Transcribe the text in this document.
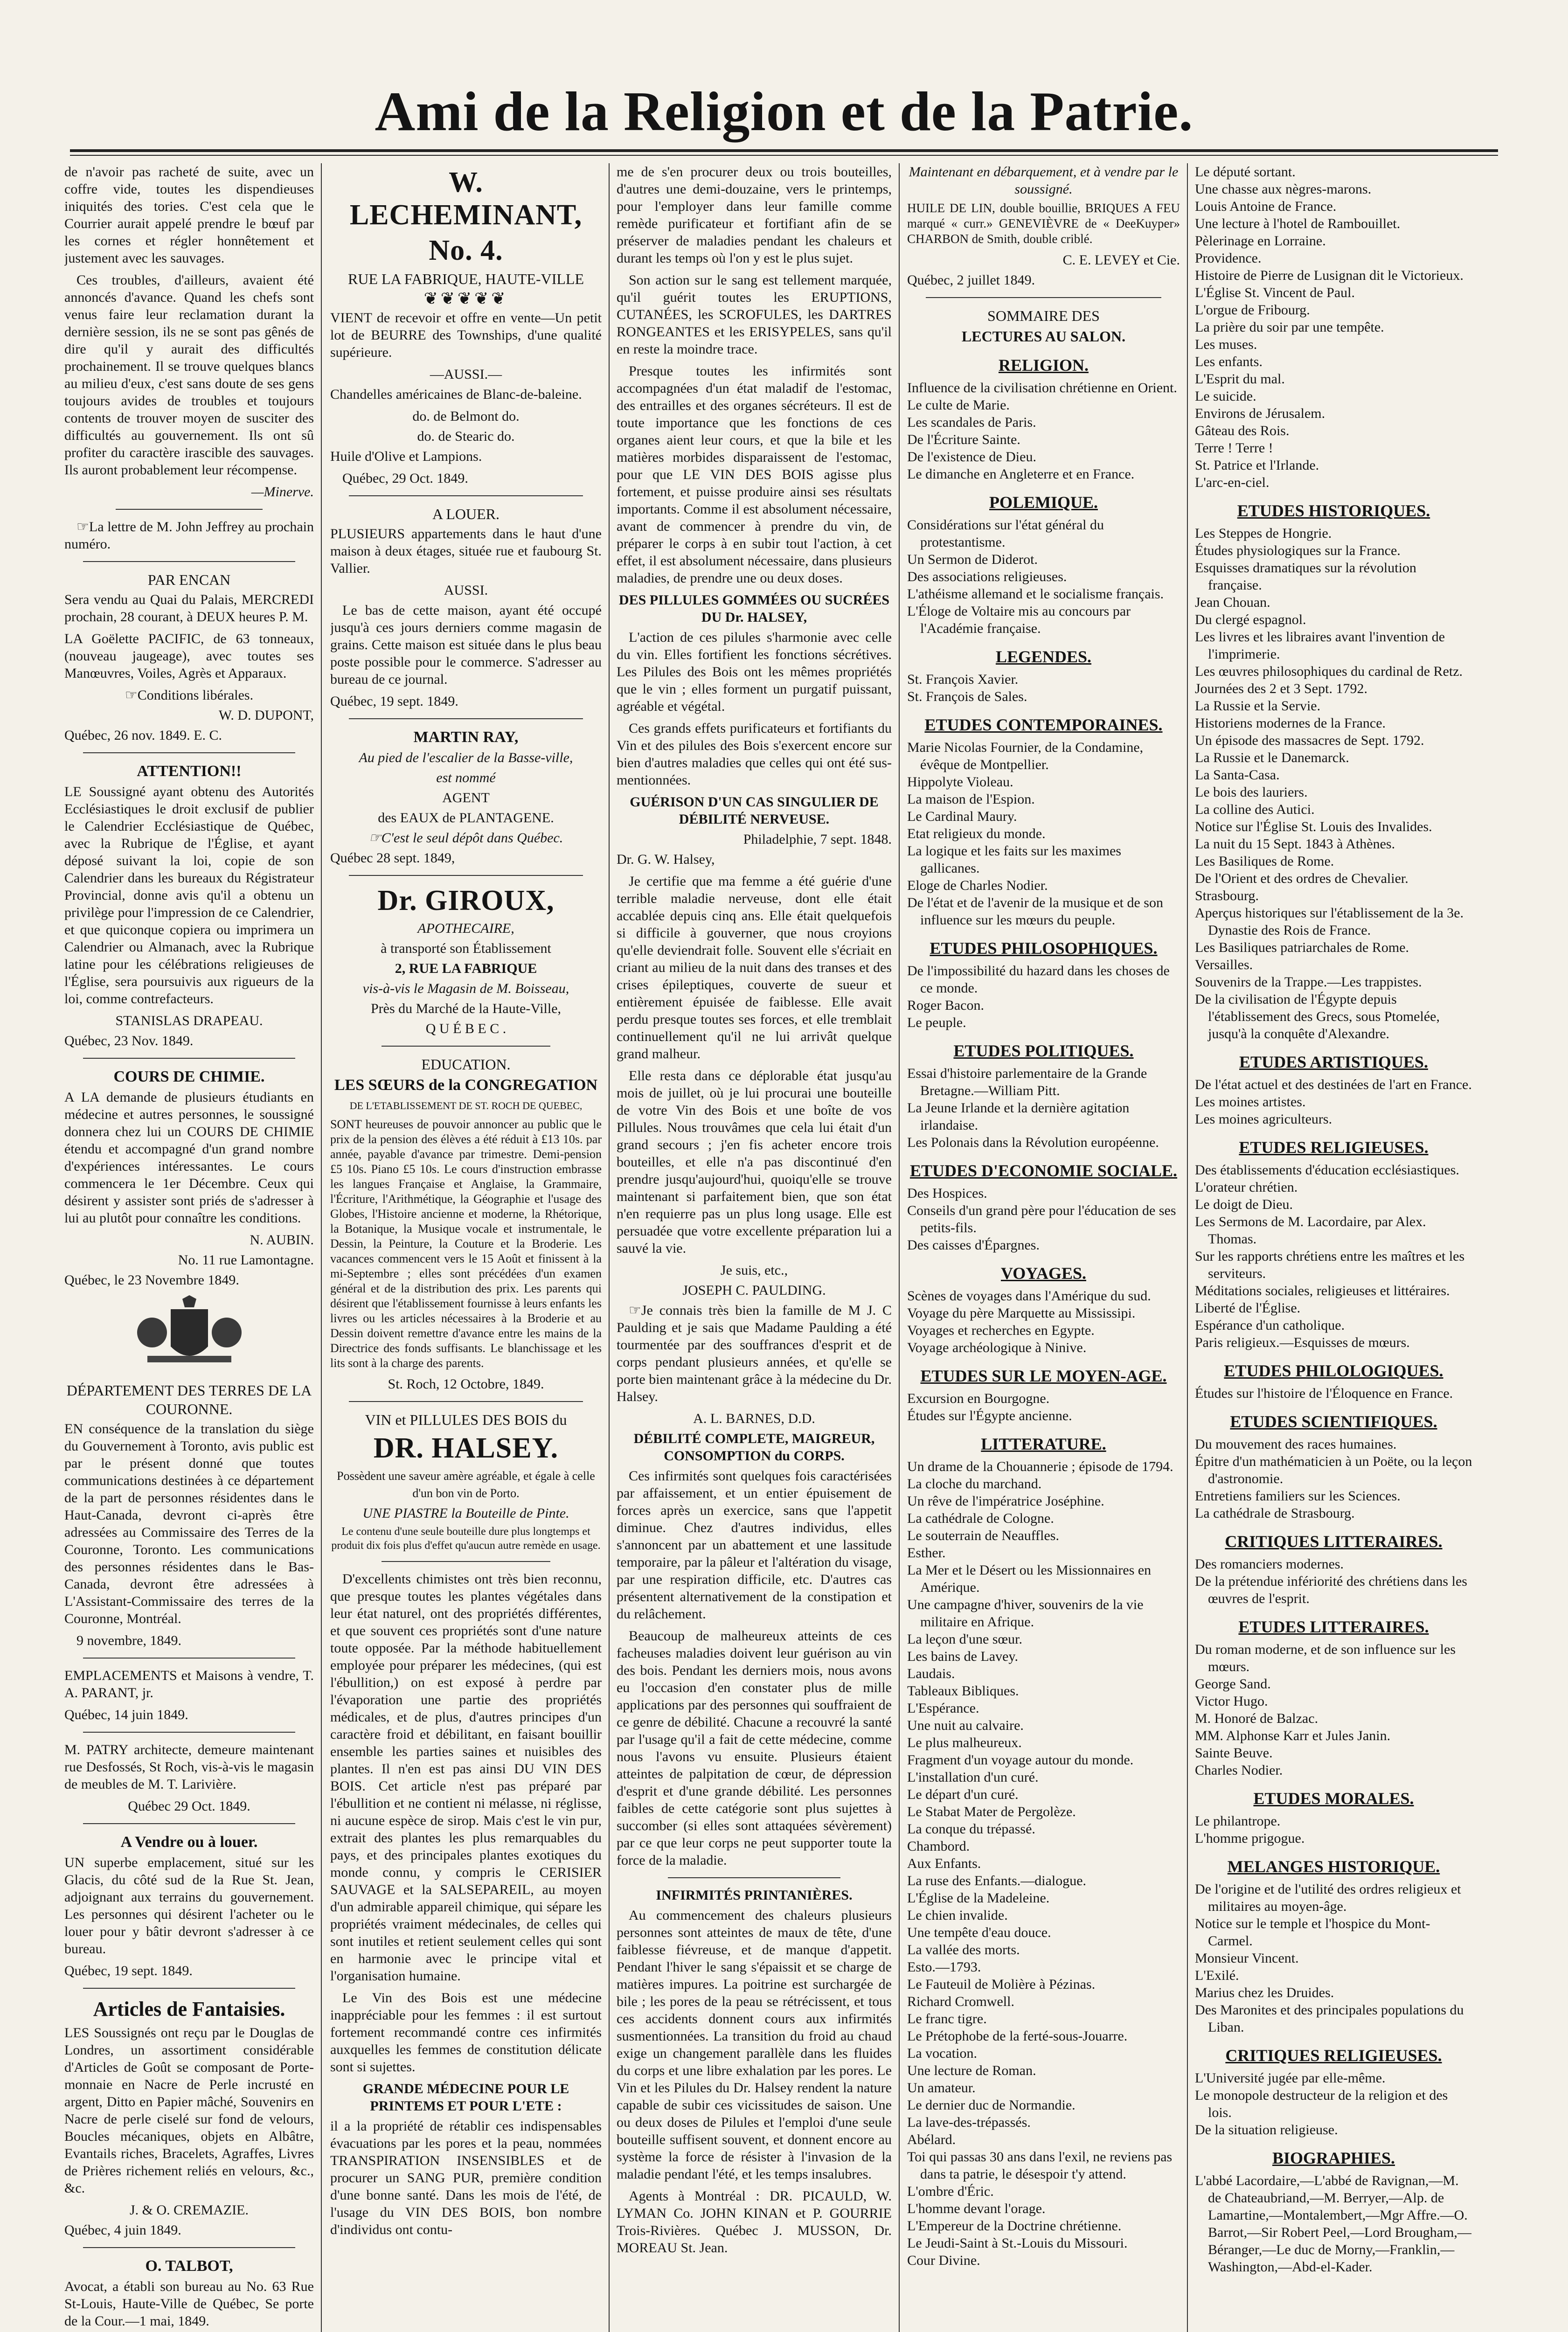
Ami de la Religion et de la Patrie.

de n'avoir pas racheté de suite, avec un coffre vide, toutes les dispendieuses iniquités des tories. C'est cela que le Courrier aurait appelé prendre le bœuf par les cornes et régler honnêtement et justement avec les sauvages.

Ces troubles, d'ailleurs, avaient été annoncés d'avance. Quand les chefs sont venus faire leur reclamation durant la dernière session, ils ne se sont pas gênés de dire qu'il y aurait des difficultés prochainement. Il se trouve quelques blancs au milieu d'eux, c'est sans doute de ses gens toujours avides de troubles et toujours contents de trouver moyen de susciter des difficultés au gouvernement. Ils ont sû profiter du caractère irascible des sauvages. Ils auront probablement leur récompense.

—Minerve.

☞La lettre de M. John Jeffrey au prochain numéro.

PAR ENCAN

Sera vendu au Quai du Palais, MERCREDI prochain, 28 courant, à DEUX heures P. M.

LA Goëlette PACIFIC, de 63 tonneaux, (nouveau jaugeage), avec toutes ses Manœuvres, Voiles, Agrès et Apparaux.

☞Conditions libérales.

W. D. DUPONT,

Québec, 26 nov. 1849. E. C.

ATTENTION!!

LE Soussigné ayant obtenu des Autorités Ecclésiastiques le droit exclusif de publier le Calendrier Ecclésiastique de Québec, avec la Rubrique de l'Église, et ayant déposé suivant la loi, copie de son Calendrier dans les bureaux du Régistrateur Provincial, donne avis qu'il a obtenu un privilège pour l'impression de ce Calendrier, et que quiconque copiera ou imprimera un Calendrier ou Almanach, avec la Rubrique latine pour les célébrations religieuses de l'Église, sera poursuivis aux rigueurs de la loi, comme contrefacteurs.

STANISLAS DRAPEAU.

Québec, 23 Nov. 1849.

COURS DE CHIMIE.

A LA demande de plusieurs étudiants en médecine et autres personnes, le soussigné donnera chez lui un COURS DE CHIMIE étendu et accompagné d'un grand nombre d'expériences intéressantes. Le cours commencera le 1er Décembre. Ceux qui désirent y assister sont priés de s'adresser à lui au plutôt pour connaître les conditions.

N. AUBIN.

No. 11 rue Lamontagne.

Québec, le 23 Novembre 1849.

DÉPARTEMENT DES TERRES DE LA COURONNE.

EN conséquence de la translation du siège du Gouvernement à Toronto, avis public est par le présent donné que toutes communications destinées à ce département de la part de personnes résidentes dans le Haut-Canada, devront ci-après être adressées au Commissaire des Terres de la Couronne, Toronto. Les communications des personnes résidentes dans le Bas-Canada, devront être adressées à L'Assistant-Commissaire des terres de la Couronne, Montréal.

9 novembre, 1849.

EMPLACEMENTS et Maisons à vendre, T. A. PARANT, jr.

Québec, 14 juin 1849.

M. PATRY architecte, demeure maintenant rue Desfossés, St Roch, vis-à-vis le magasin de meubles de M. T. Larivière.

Québec 29 Oct. 1849.

A Vendre ou à louer.

UN superbe emplacement, situé sur les Glacis, du côté sud de la Rue St. Jean, adjoignant aux terrains du gouvernement. Les personnes qui désirent l'acheter ou le louer pour y bâtir devront s'adresser à ce bureau.

Québec, 19 sept. 1849.

Articles de Fantaisies.

LES Soussignés ont reçu par le Douglas de Londres, un assortiment considérable d'Articles de Goût se composant de Porte-monnaie en Nacre de Perle incrusté en argent, Ditto en Papier mâché, Souvenirs en Nacre de perle ciselé sur fond de velours, Boucles mécaniques, objets en Albâtre, Evantails riches, Bracelets, Agraffes, Livres de Prières richement reliés en velours, &c., &c.

J. & O. CREMAZIE.

Québec, 4 juin 1849.

O. TALBOT,

Avocat, a établi son bureau au No. 63 Rue St-Louis, Haute-Ville de Québec, Se porte de la Cour.—1 mai, 1849.

W. LECHEMINANT,
No. 4.
RUE LA FABRIQUE, HAUTE-VILLE
❦❦❦❦❦

VIENT de recevoir et offre en vente—Un petit lot de BEURRE des Townships, d'une qualité supérieure.

—AUSSI.—

Chandelles américaines de Blanc-de-baleine.

do. de Belmont do.

do. de Stearic do.

Huile d'Olive et Lampions.

Québec, 29 Oct. 1849.

A LOUER.

PLUSIEURS appartements dans le haut d'une maison à deux étages, située rue et faubourg St. Vallier.

AUSSI.

Le bas de cette maison, ayant été occupé jusqu'à ces jours derniers comme magasin de grains. Cette maison est située dans le plus beau poste possible pour le commerce. S'adresser au bureau de ce journal.

Québec, 19 sept. 1849.

MARTIN RAY,

Au pied de l'escalier de la Basse-ville,

est nommé

AGENT

des EAUX de PLANTAGENE.

☞C'est le seul dépôt dans Québec.

Québec 28 sept. 1849,

Dr. GIROUX,

APOTHECAIRE,

à transporté son Établissement

2, RUE LA FABRIQUE

vis-à-vis le Magasin de M. Boisseau,

Près du Marché de la Haute-Ville,

Q U É B E C .

EDUCATION.
LES SŒURS de la CONGREGATION

DE L'ETABLISSEMENT DE ST. ROCH DE QUEBEC,

SONT heureuses de pouvoir annoncer au public que le prix de la pension des élèves a été réduit à £13 10s. par année, payable d'avance par trimestre. Demi-pension £5 10s. Piano £5 10s. Le cours d'instruction embrasse les langues Française et Anglaise, la Grammaire, l'Écriture, l'Arithmétique, la Géographie et l'usage des Globes, l'Histoire ancienne et moderne, la Rhétorique, la Botanique, la Musique vocale et instrumentale, le Dessin, la Peinture, la Couture et la Broderie. Les vacances commencent vers le 15 Août et finissent à la mi-Septembre ; elles sont précédées d'un examen général et de la distribution des prix. Les parents qui désirent que l'établissement fournisse à leurs enfants les livres ou les articles nécessaires à la Broderie et au Dessin doivent remettre d'avance entre les mains de la Directrice des fonds suffisants. Le blanchissage et les lits sont à la charge des parents.

St. Roch, 12 Octobre, 1849.

VIN et PILLULES DES BOIS du
DR. HALSEY.

Possèdent une saveur amère agréable, et égale à celle d'un bon vin de Porto.

UNE PIASTRE la Bouteille de Pinte.

Le contenu d'une seule bouteille dure plus longtemps et produit dix fois plus d'effet qu'aucun autre remède en usage.

D'excellents chimistes ont très bien reconnu, que presque toutes les plantes végétales dans leur état naturel, ont des propriétés différentes, et que souvent ces propriétés sont d'une nature toute opposée. Par la méthode habituellement employée pour préparer les médecines, (qui est l'ébullition,) on est exposé à perdre par l'évaporation une partie des propriétés médicales, et de plus, d'autres principes d'un caractère froid et débilitant, en faisant bouillir ensemble les parties saines et nuisibles des plantes. Il n'en est pas ainsi DU VIN DES BOIS. Cet article n'est pas préparé par l'ébullition et ne contient ni mélasse, ni réglisse, ni aucune espèce de sirop. Mais c'est le vin pur, extrait des plantes les plus remarquables du pays, et des principales plantes exotiques du monde connu, y compris le CERISIER SAUVAGE et la SALSEPAREIL, au moyen d'un admirable appareil chimique, qui sépare les propriétés vraiment médecinales, de celles qui sont inutiles et retient seulement celles qui sont en harmonie avec le principe vital et l'organisation humaine.

Le Vin des Bois est une médecine inappréciable pour les femmes : il est surtout fortement recommandé contre ces infirmités auxquelles les femmes de constitution délicate sont si sujettes.

GRANDE MÉDECINE POUR LE PRINTEMS ET POUR L'ETE :

il a la propriété de rétablir ces indispensables évacuations par les pores et la peau, nommées TRANSPIRATION INSENSIBLES et de procurer un SANG PUR, première condition d'une bonne santé. Dans les mois de l'été, de l'usage du VIN DES BOIS, bon nombre d'individus ont contu-

me de s'en procurer deux ou trois bouteilles, d'autres une demi-douzaine, vers le printemps, pour l'employer dans leur famille comme remède purificateur et fortifiant afin de se préserver de maladies pendant les chaleurs et durant les temps où l'on y est le plus sujet.

Son action sur le sang est tellement marquée, qu'il guérit toutes les ERUPTIONS, CUTANÉES, les SCROFULES, les DARTRES RONGEANTES et les ERISYPELES, sans qu'il en reste la moindre trace.

Presque toutes les infirmités sont accompagnées d'un état maladif de l'estomac, des entrailles et des organes sécréteurs. Il est de toute importance que les fonctions de ces organes aient leur cours, et que la bile et les matières morbides disparaissent de l'estomac, pour que LE VIN DES BOIS agisse plus fortement, et puisse produire ainsi ses résultats importants. Comme il est absolument nécessaire, avant de commencer à prendre du vin, de préparer le corps à en subir tout l'action, à cet effet, il est absolument nécessaire, dans plusieurs maladies, de prendre une ou deux doses.

DES PILLULES GOMMÉES OU SUCRÉES DU Dr. HALSEY,

L'action de ces pilules s'harmonie avec celle du vin. Elles fortifient les fonctions sécrétives. Les Pilules des Bois ont les mêmes propriétés que le vin ; elles forment un purgatif puissant, agréable et végétal.

Ces grands effets purificateurs et fortifiants du Vin et des pilules des Bois s'exercent encore sur bien d'autres maladies que celles qui ont été sus-mentionnées.

GUÉRISON D'UN CAS SINGULIER DE DÉBILITÉ NERVEUSE.

Philadelphie, 7 sept. 1848.

Dr. G. W. Halsey,

Je certifie que ma femme a été guérie d'une terrible maladie nerveuse, dont elle était accablée depuis cinq ans. Elle était quelquefois si difficile à gouverner, que nous croyions qu'elle deviendrait folle. Souvent elle s'écriait en criant au milieu de la nuit dans des transes et des crises épileptiques, couverte de sueur et entièrement épuisée de faiblesse. Elle avait perdu presque toutes ses forces, et elle tremblait continuellement qu'il ne lui arrivât quelque grand malheur.

Elle resta dans ce déplorable état jusqu'au mois de juillet, où je lui procurai une bouteille de votre Vin des Bois et une boîte de vos Pillules. Nous trouvâmes que cela lui était d'un grand secours ; j'en fis acheter encore trois bouteilles, et elle n'a pas discontinué d'en prendre jusqu'aujourd'hui, quoiqu'elle se trouve maintenant si parfaitement bien, que son état n'en requierre pas un plus long usage. Elle est persuadée que votre excellente préparation lui a sauvé la vie.

Je suis, etc.,

JOSEPH C. PAULDING.

☞Je connais très bien la famille de M J. C Paulding et je sais que Madame Paulding a été tourmentée par des souffrances d'esprit et de corps pendant plusieurs années, et qu'elle se porte bien maintenant grâce à la médecine du Dr. Halsey.

A. L. BARNES, D.D.

DÉBILITÉ COMPLETE, MAIGREUR, CONSOMPTION du CORPS.

Ces infirmités sont quelques fois caractérisées par affaissement, et un entier épuisement de forces après un exercice, sans que l'appetit diminue. Chez d'autres individus, elles s'annoncent par un abattement et une lassitude temporaire, par la pâleur et l'altération du visage, par une respiration difficile, etc. D'autres cas présentent alternativement de la constipation et du relâchement.

Beaucoup de malheureux atteints de ces facheuses maladies doivent leur guérison au vin des bois. Pendant les derniers mois, nous avons eu l'occasion d'en constater plus de mille applications par des personnes qui souffraient de ce genre de débilité. Chacune a recouvré la santé par l'usage qu'il a fait de cette médecine, comme nous l'avons vu ensuite. Plusieurs étaient atteintes de palpitation de cœur, de dépression d'esprit et d'une grande débilité. Les personnes faibles de cette catégorie sont plus sujettes à succomber (si elles sont attaquées sévèrement) par ce que leur corps ne peut supporter toute la force de la maladie.

INFIRMITÉS PRINTANIÈRES.

Au commencement des chaleurs plusieurs personnes sont atteintes de maux de tête, d'une faiblesse fiévreuse, et de manque d'appetit. Pendant l'hiver le sang s'épaissit et se charge de matières impures. La poitrine est surchargée de bile ; les pores de la peau se rétrécissent, et tous ces accidents donnent cours aux infirmités susmentionnées. La transition du froid au chaud exige un changement parallèle dans les fluides du corps et une libre exhalation par les pores. Le Vin et les Pilules du Dr. Halsey rendent la nature capable de subir ces vicissitudes de saison. Une ou deux doses de Pilules et l'emploi d'une seule bouteille suffisent souvent, et donnent encore au système la force de résister à l'invasion de la maladie pendant l'été, et les temps insalubres.

Agents à Montréal : DR. PICAULD, W. LYMAN Co. JOHN KINAN et P. GOURRIE Trois-Rivières. Québec J. MUSSON, Dr. MOREAU St. Jean.

Maintenant en débarquement, et à vendre par le soussigné.

HUILE DE LIN, double bouillie, BRIQUES A FEU marqué « curr.» GENEVIÈVRE de « DeeKuyper» CHARBON de Smith, double criblé.

C. E. LEVEY et Cie.

Québec, 2 juillet 1849.

SOMMAIRE DES
LECTURES AU SALON.
RELIGION.
Influence de la civilisation chrétienne en Orient.
Le culte de Marie.
Les scandales de Paris.
De l'Écriture Sainte.
De l'existence de Dieu.
Le dimanche en Angleterre et en France.
POLEMIQUE.
Considérations sur l'état général du protestantisme.
Un Sermon de Diderot.
Des associations religieuses.
L'athéisme allemand et le socialisme français.
L'Éloge de Voltaire mis au concours par l'Académie française.
LEGENDES.
St. François Xavier.
St. François de Sales.
ETUDES CONTEMPORAINES.
Marie Nicolas Fournier, de la Condamine, évêque de Montpellier.
Hippolyte Violeau.
La maison de l'Espion.
Le Cardinal Maury.
Etat religieux du monde.
La logique et les faits sur les maximes gallicanes.
Eloge de Charles Nodier.
De l'état et de l'avenir de la musique et de son influence sur les mœurs du peuple.
ETUDES PHILOSOPHIQUES.
De l'impossibilité du hazard dans les choses de ce monde.
Roger Bacon.
Le peuple.
ETUDES POLITIQUES.
Essai d'histoire parlementaire de la Grande Bretagne.—William Pitt.
La Jeune Irlande et la dernière agitation irlandaise.
Les Polonais dans la Révolution européenne.
ETUDES D'ECONOMIE SOCIALE.
Des Hospices.
Conseils d'un grand père pour l'éducation de ses petits-fils.
Des caisses d'Épargnes.
VOYAGES.
Scènes de voyages dans l'Amérique du sud.
Voyage du père Marquette au Mississipi.
Voyages et recherches en Egypte.
Voyage archéologique à Ninive.
ETUDES SUR LE MOYEN-AGE.
Excursion en Bourgogne.
Études sur l'Égypte ancienne.
LITTERATURE.
Un drame de la Chouannerie ; épisode de 1794.
La cloche du marchand.
Un rêve de l'impératrice Joséphine.
La cathédrale de Cologne.
Le souterrain de Neauffles.
Esther.
La Mer et le Désert ou les Missionnaires en Amérique.
Une campagne d'hiver, souvenirs de la vie militaire en Afrique.
La leçon d'une sœur.
Les bains de Lavey.
Laudais.
Tableaux Bibliques.
L'Espérance.
Une nuit au calvaire.
Le plus malheureux.
Fragment d'un voyage autour du monde.
L'installation d'un curé.
Le départ d'un curé.
Le Stabat Mater de Pergolèze.
La conque du trépassé.
Chambord.
Aux Enfants.
La ruse des Enfants.—dialogue.
L'Église de la Madeleine.
Le chien invalide.
Une tempête d'eau douce.
La vallée des morts.
Esto.—1793.
Le Fauteuil de Molière à Pézinas.
Richard Cromwell.
Le franc tigre.
Le Prétophobe de la ferté-sous-Jouarre.
La vocation.
Une lecture de Roman.
Un amateur.
Le dernier duc de Normandie.
La lave-des-trépassés.
Abélard.
Toi qui passas 30 ans dans l'exil, ne reviens pas dans ta patrie, le désespoir t'y attend.
L'ombre d'Éric.
L'homme devant l'orage.
L'Empereur de la Doctrine chrétienne.
Le Jeudi-Saint à St.-Louis du Missouri.
Cour Divine.
Le député sortant.
Une chasse aux nègres-marons.
Louis Antoine de France.
Une lecture à l'hotel de Rambouillet.
Pèlerinage en Lorraine.
Providence.
Histoire de Pierre de Lusignan dit le Victorieux.
L'Église St. Vincent de Paul.
L'orgue de Fribourg.
La prière du soir par une tempête.
Les muses.
Les enfants.
L'Esprit du mal.
Le suicide.
Environs de Jérusalem.
Gâteau des Rois.
Terre ! Terre !
St. Patrice et l'Irlande.
L'arc-en-ciel.
ETUDES HISTORIQUES.
Les Steppes de Hongrie.
Études physiologiques sur la France.
Esquisses dramatiques sur la révolution française.
Jean Chouan.
Du clergé espagnol.
Les livres et les libraires avant l'invention de l'imprimerie.
Les œuvres philosophiques du cardinal de Retz.
Journées des 2 et 3 Sept. 1792.
La Russie et la Servie.
Historiens modernes de la France.
Un épisode des massacres de Sept. 1792.
La Russie et le Danemarck.
La Santa-Casa.
Le bois des lauriers.
La colline des Autici.
Notice sur l'Église St. Louis des Invalides.
La nuit du 15 Sept. 1843 à Athènes.
Les Basiliques de Rome.
De l'Orient et des ordres de Chevalier.
Strasbourg.
Aperçus historiques sur l'établissement de la 3e. Dynastie des Rois de France.
Les Basiliques patriarchales de Rome.
Versailles.
Souvenirs de la Trappe.—Les trappistes.
De la civilisation de l'Égypte depuis l'établissement des Grecs, sous Ptomelée, jusqu'à la conquête d'Alexandre.
ETUDES ARTISTIQUES.
De l'état actuel et des destinées de l'art en France.
Les moines artistes.
Les moines agriculteurs.
ETUDES RELIGIEUSES.
Des établissements d'éducation ecclésiastiques.
L'orateur chrétien.
Le doigt de Dieu.
Les Sermons de M. Lacordaire, par Alex. Thomas.
Sur les rapports chrétiens entre les maîtres et les serviteurs.
Méditations sociales, religieuses et littéraires.
Liberté de l'Église.
Espérance d'un catholique.
Paris religieux.—Esquisses de mœurs.
ETUDES PHILOLOGIQUES.
Études sur l'histoire de l'Éloquence en France.
ETUDES SCIENTIFIQUES.
Du mouvement des races humaines.
Épitre d'un mathématicien à un Poëte, ou la leçon d'astronomie.
Entretiens familiers sur les Sciences.
La cathédrale de Strasbourg.
CRITIQUES LITTERAIRES.
Des romanciers modernes.
De la prétendue infériorité des chrétiens dans les œuvres de l'esprit.
ETUDES LITTERAIRES.
Du roman moderne, et de son influence sur les mœurs.
George Sand.
Victor Hugo.
M. Honoré de Balzac.
MM. Alphonse Karr et Jules Janin.
Sainte Beuve.
Charles Nodier.
ETUDES MORALES.
Le philantrope.
L'homme prigogue.
MELANGES HISTORIQUE.
De l'origine et de l'utilité des ordres religieux et militaires au moyen-âge.
Notice sur le temple et l'hospice du Mont-Carmel.
Monsieur Vincent.
L'Exilé.
Marius chez les Druides.
Des Maronites et des principales populations du Liban.
CRITIQUES RELIGIEUSES.
L'Université jugée par elle-même.
Le monopole destructeur de la religion et des lois.
De la situation religieuse.
BIOGRAPHIES.
L'abbé Lacordaire,—L'abbé de Ravignan,—M. de Chateaubriand,—M. Berryer,—Alp. de Lamartine,—Montalembert,—Mgr Affre.—O. Barrot,—Sir Robert Peel,—Lord Brougham,—Béranger,—Le duc de Morny,—Franklin,—Washington,—Abd-el-Kader.
